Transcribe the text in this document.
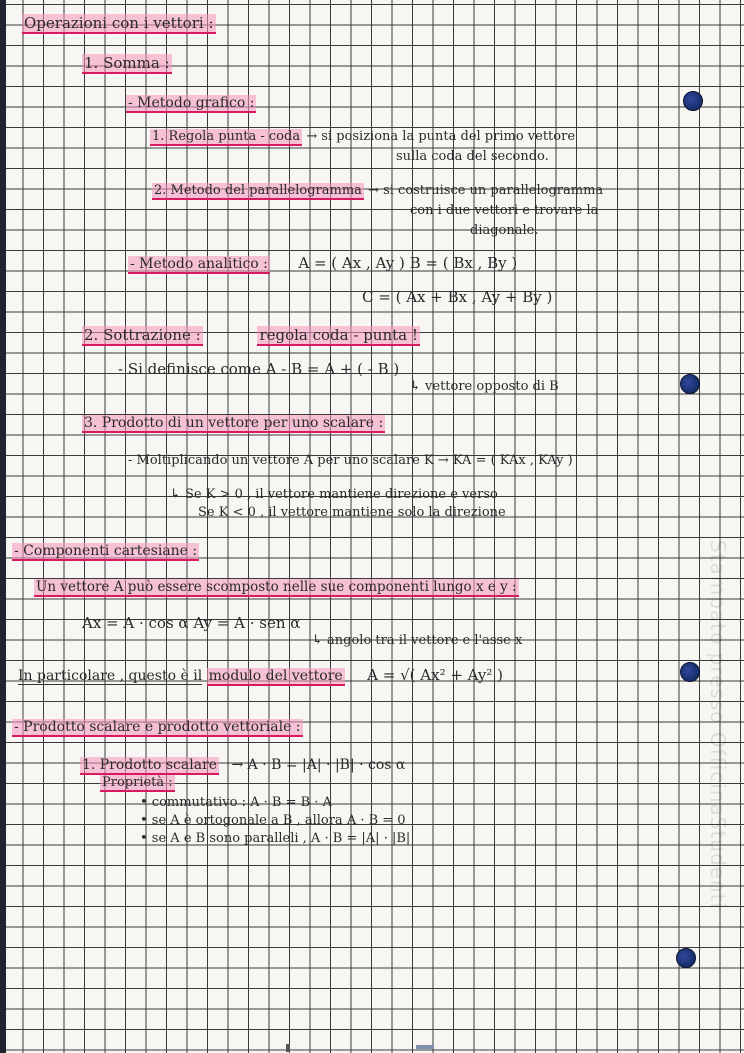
Stampato presso OfficinaStudenti
Operazioni con i vettori :
1. Somma :
- Metodo grafico :
1. Regola punta - coda → si posiziona la punta del primo vettore
sulla coda del secondo.
2. Metodo del parallelogramma → si costruisce un parallelogramma
con i due vettori e trovare la
diagonale.
- Metodo analitico : A = ( Ax , Ay ) B = ( Bx , By )
C = ( Ax + Bx , Ay + By )
2. Sottrazione :	regola coda - punta !
- Si definisce come A - B = A + ( - B )
↳ vettore opposto di B
3. Prodotto di un vettore per uno scalare :
- Moltiplicando un vettore A per uno scalare K → KA = ( KAx , KAy )
↳ Se K > 0 , il vettore mantiene direzione e verso
Se K < 0 , il vettore mantiene solo la direzione
- Componenti cartesiane :
Un vettore A può essere scomposto nelle sue componenti lungo x e y :
Ax = A · cos α Ay = A · sen α
↳ angolo tra il vettore e l'asse x
In particolare , questo è il modulo del vettore A = √( Ax² + Ay² )
- Prodotto scalare e prodotto vettoriale :
1. Prodotto scalare → A · B = |A| · |B| · cos α
Proprietà :
• commutativo : A · B = B · A
• se A è ortogonale a B , allora A · B = 0
• se A e B sono paralleli , A · B = |A| · |B|
